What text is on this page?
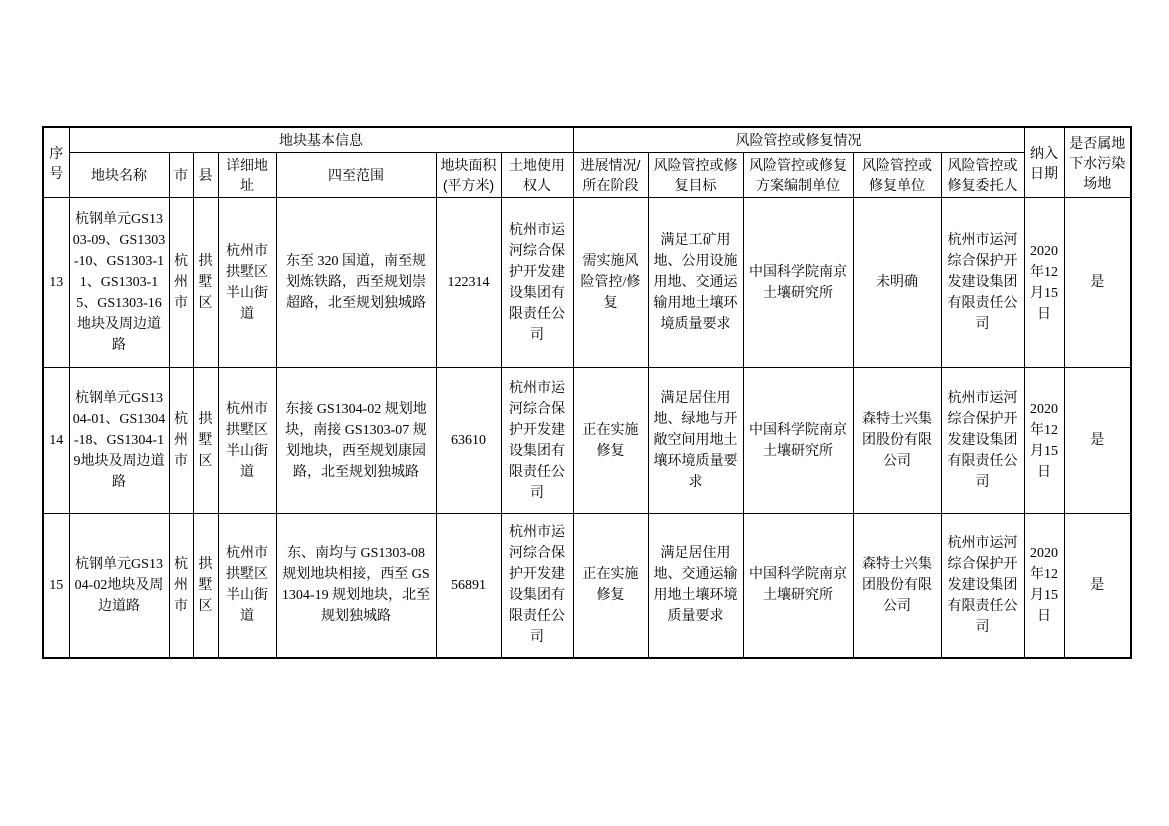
序号	地块基本信息							风险管控或修复情况					纳入日期	是否属地下水污染场地
	地块名称	市	县	详细地址	四至范围	地块面积(平方米)	土地使用权人	进展情况/所在阶段	风险管控或修复目标	风险管控或修复方案编制单位	风险管控或修复单位	风险管控或修复委托人		
13	杭钢单元GS1303-09、GS1303-10、GS1303-11、GS1303-15、GS1303-16地块及周边道路	杭州市	拱墅区	杭州市拱墅区半山街道	东至 320 国道，南至规划炼铁路，西至规划崇超路，北至规划独城路	122314	杭州市运河综合保护开发建设集团有限责任公司	需实施风险管控/修复	满足工矿用地、公用设施用地、交通运输用地土壤环境质量要求	中国科学院南京土壤研究所	未明确	杭州市运河综合保护开发建设集团有限责任公司	2020年12月15日	是
14	杭钢单元GS1304-01、GS1304-18、GS1304-19地块及周边道路	杭州市	拱墅区	杭州市拱墅区半山街道	东接 GS1304-02 规划地块，南接 GS1303-07 规划地块，西至规划康园路，北至规划独城路	63610	杭州市运河综合保护开发建设集团有限责任公司	正在实施修复	满足居住用地、绿地与开敞空间用地土壤环境质量要求	中国科学院南京土壤研究所	森特士兴集团股份有限公司	杭州市运河综合保护开发建设集团有限责任公司	2020年12月15日	是
15	杭钢单元GS1304-02地块及周边道路	杭州市	拱墅区	杭州市拱墅区半山街道	东、南均与 GS1303-08 规划地块相接，西至 GS1304-19 规划地块，北至规划独城路	56891	杭州市运河综合保护开发建设集团有限责任公司	正在实施修复	满足居住用地、交通运输用地土壤环境质量要求	中国科学院南京土壤研究所	森特士兴集团股份有限公司	杭州市运河综合保护开发建设集团有限责任公司	2020年12月15日	是
